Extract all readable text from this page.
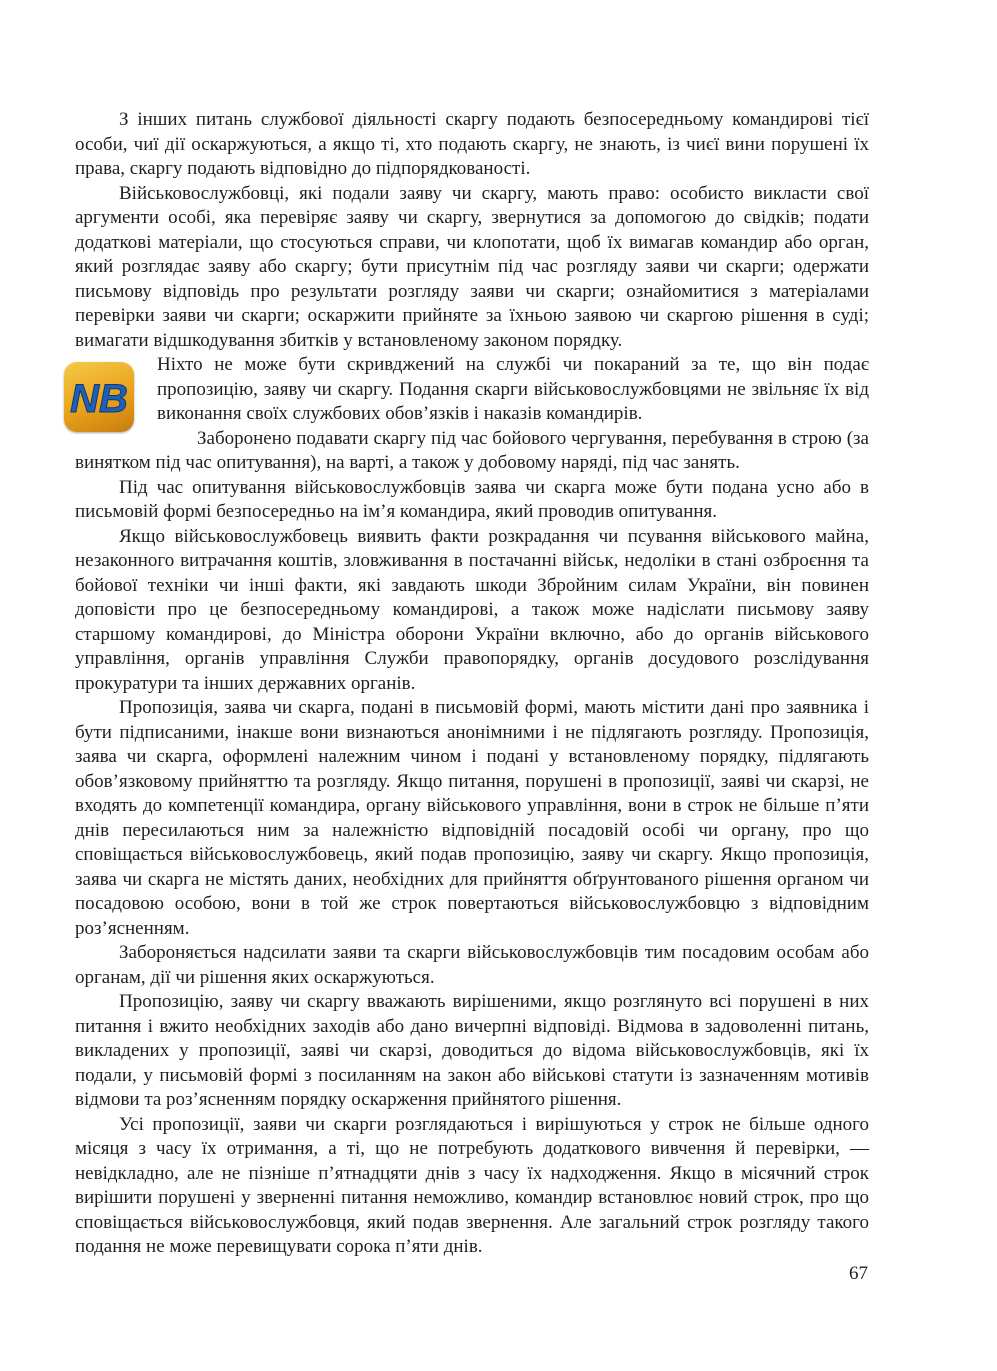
З інших питань службової діяльності скаргу подають безпосередньому командирові тієї особи, чиї дії оскаржуються, а якщо ті, хто подають скаргу, не знають, із чиєї вини порушені їх права, скаргу подають відповідно до підпорядкованості.

Військовослужбовці, які подали заяву чи скаргу, мають право: особисто викласти свої аргументи особі, яка перевіряє заяву чи скаргу, звернутися за допомогою до свідків; подати додаткові матеріали, що стосуються справи, чи клопотати, щоб їх вимагав командир або орган, який розглядає заяву або скаргу; бути присутнім під час розгляду заяви чи скарги; одержати письмову відповідь про результати розгляду заяви чи скарги; ознайомитися з матеріалами перевірки заяви чи скарги; оскаржити прийняте за їхньою заявою чи скаргою рішення в суді; вимагати відшкодування збитків у встановленому законом порядку.

Ніхто не може бути скривджений на службі чи покараний за те, що він подає пропозицію, заяву чи скаргу. Подання скарги військовослужбовцями не звільняє їх від виконання своїх службових обов’язків і наказів командирів.

Заборонено подавати скаргу під час бойового чергування, перебування в строю (за винятком під час опитування), на варті, а також у добовому наряді, під час занять.

Під час опитування військовослужбовців заява чи скарга може бути подана усно або в письмовій формі безпосередньо на ім’я командира, який проводив опитування.

Якщо військовослужбовець виявить факти розкрадання чи псування військового майна, незаконного витрачання коштів, зловживання в постачанні військ, недоліки в стані озброєння та бойової техніки чи інші факти, які завдають шкоди Збройним силам України, він повинен доповісти про це безпосередньому командирові, а також може надіслати письмову заяву старшому командирові, до Міністра оборони України включно, або до органів військового управління, органів управління Служби правопорядку, органів досудового розслідування прокуратури та інших державних органів.

Пропозиція, заява чи скарга, подані в письмовій формі, мають містити дані про заявника і бути підписаними, інакше вони визнаються анонімними і не підлягають розгляду. Пропозиція, заява чи скарга, оформлені належним чином і подані у встановленому порядку, підлягають обов’язковому прийняттю та розгляду. Якщо питання, порушені в пропозиції, заяві чи скарзі, не входять до компетенції командира, органу військового управління, вони в строк не більше п’яти днів пересилаються ним за належністю відповідній посадовій особі чи органу, про що сповіщається військовослужбовець, який подав пропозицію, заяву чи скаргу. Якщо пропозиція, заява чи скарга не містять даних, необхідних для прийняття обґрунтованого рішення органом чи посадовою особою, вони в той же строк повертаються військовослужбовцю з відповідним роз’ясненням.

Забороняється надсилати заяви та скарги військовослужбовців тим посадовим особам або органам, дії чи рішення яких оскаржуються.

Пропозицію, заяву чи скаргу вважають вирішеними, якщо розглянуто всі порушені в них питання і вжито необхідних заходів або дано вичерпні відповіді. Відмова в задоволенні питань, викладених у пропозиції, заяві чи скарзі, доводиться до відома військовослужбовців, які їх подали, у письмовій формі з посиланням на закон або військові статути із зазначенням мотивів відмови та роз’ясненням порядку оскарження прийнятого рішення.

Усі пропозиції, заяви чи скарги розглядаються і вирішуються у строк не більше одного місяця з часу їх отримання, а ті, що не потребують додаткового вивчення й перевірки, — невідкладно, але не пізніше п’ятнадцяти днів з часу їх надходження. Якщо в місячний строк вирішити порушені у зверненні питання неможливо, командир встановлює новий строк, про що сповіщається військовослужбовця, який подав звернення. Але загальний строк розгляду такого подання не може перевищувати сорока п’яти днів.

NB
67
